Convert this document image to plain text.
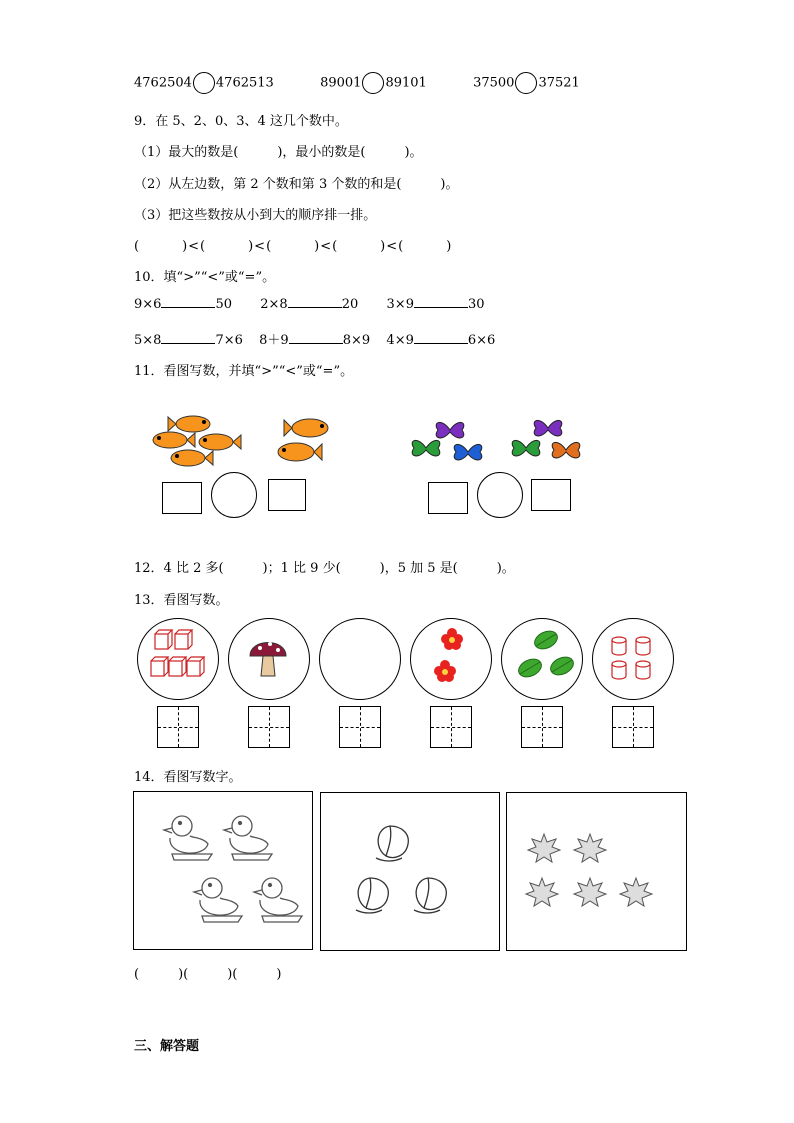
4762504 4762513	89001 89101	37500 37521
9．在 5、2、0、3、4 这几个数中。
（1）最大的数是(　　　)，最小的数是(　　　)。
（2）从左边数，第 2 个数和第 3 个数的和是(　　　)。
（3）把这些数按从小到大的顺序排一排。
(　　　)<(　　　)<(　　　)<(　　　)<(　　　)
10．填“>”“<”或“=”。
9×6	50 2×8	20 3×9	30
5×8	7×6 8＋9	8×9 4×9	6×6
11．看图写数，并填“>”“<”或“=”。
12．4 比 2 多(　　　)；1 比 9 少(　　　)，5 加 5 是(　　　)。
13．看图写数。
14．看图写数字。
(　　　)(　　　)(　　　)
三、解答题
